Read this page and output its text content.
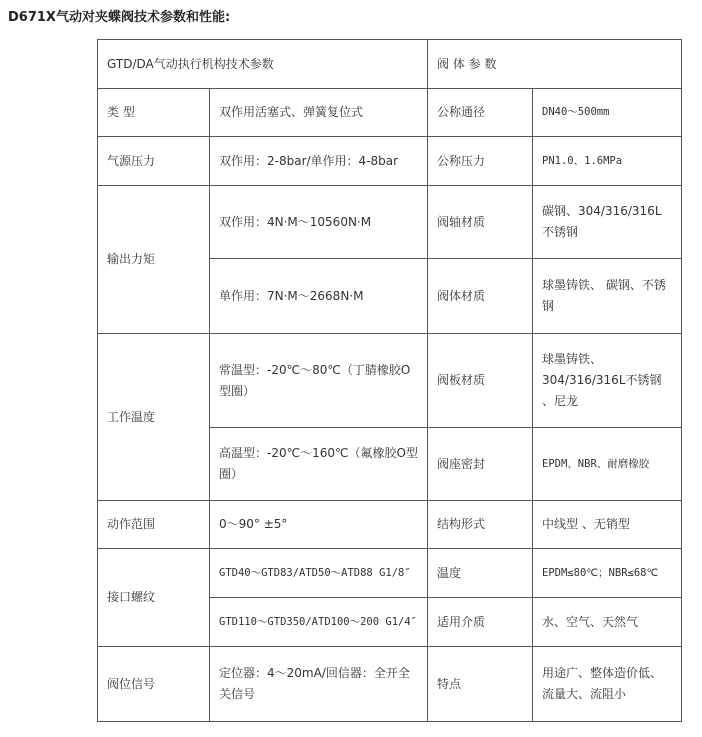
D671X气动对夹蝶阀技术参数和性能:
GTD/DA气动执行机构技术参数		阀 体 参 数	
类 型	双作用活塞式、弹簧复位式	公称通径	DN40～500mm
气源压力	双作用：2-8bar/单作用：4-8bar	公称压力	PN1.0、1.6MPa
输出力矩	双作用：4N·M～10560N·M	阀轴材质	碳钢、304/316/316L不锈钢
	单作用：7N·M～2668N·M	阀体材质	球墨铸铁、 碳钢、不锈钢
工作温度	常温型：-20℃～80℃（丁腈橡胶O型圈）	阀板材质	球墨铸铁、304/316/316L不锈钢 、尼龙
	高温型：-20℃～160℃（氟橡胶O型圈）	阀座密封	EPDM、NBR、耐磨橡胶
动作范围	0～90° ±5°	结构形式	中线型 、无销型
接口螺纹	GTD40～GTD83/ATD50～ATD88 G1/8″	温度	EPDM≤80℃；NBR≤68℃
	GTD110～GTD350/ATD100～200 G1/4″	适用介质	水、空气、天然气
阀位信号	定位器：4～20mA/回信器：全开全关信号	特点	用途广、整体造价低、流量大、流阻小
